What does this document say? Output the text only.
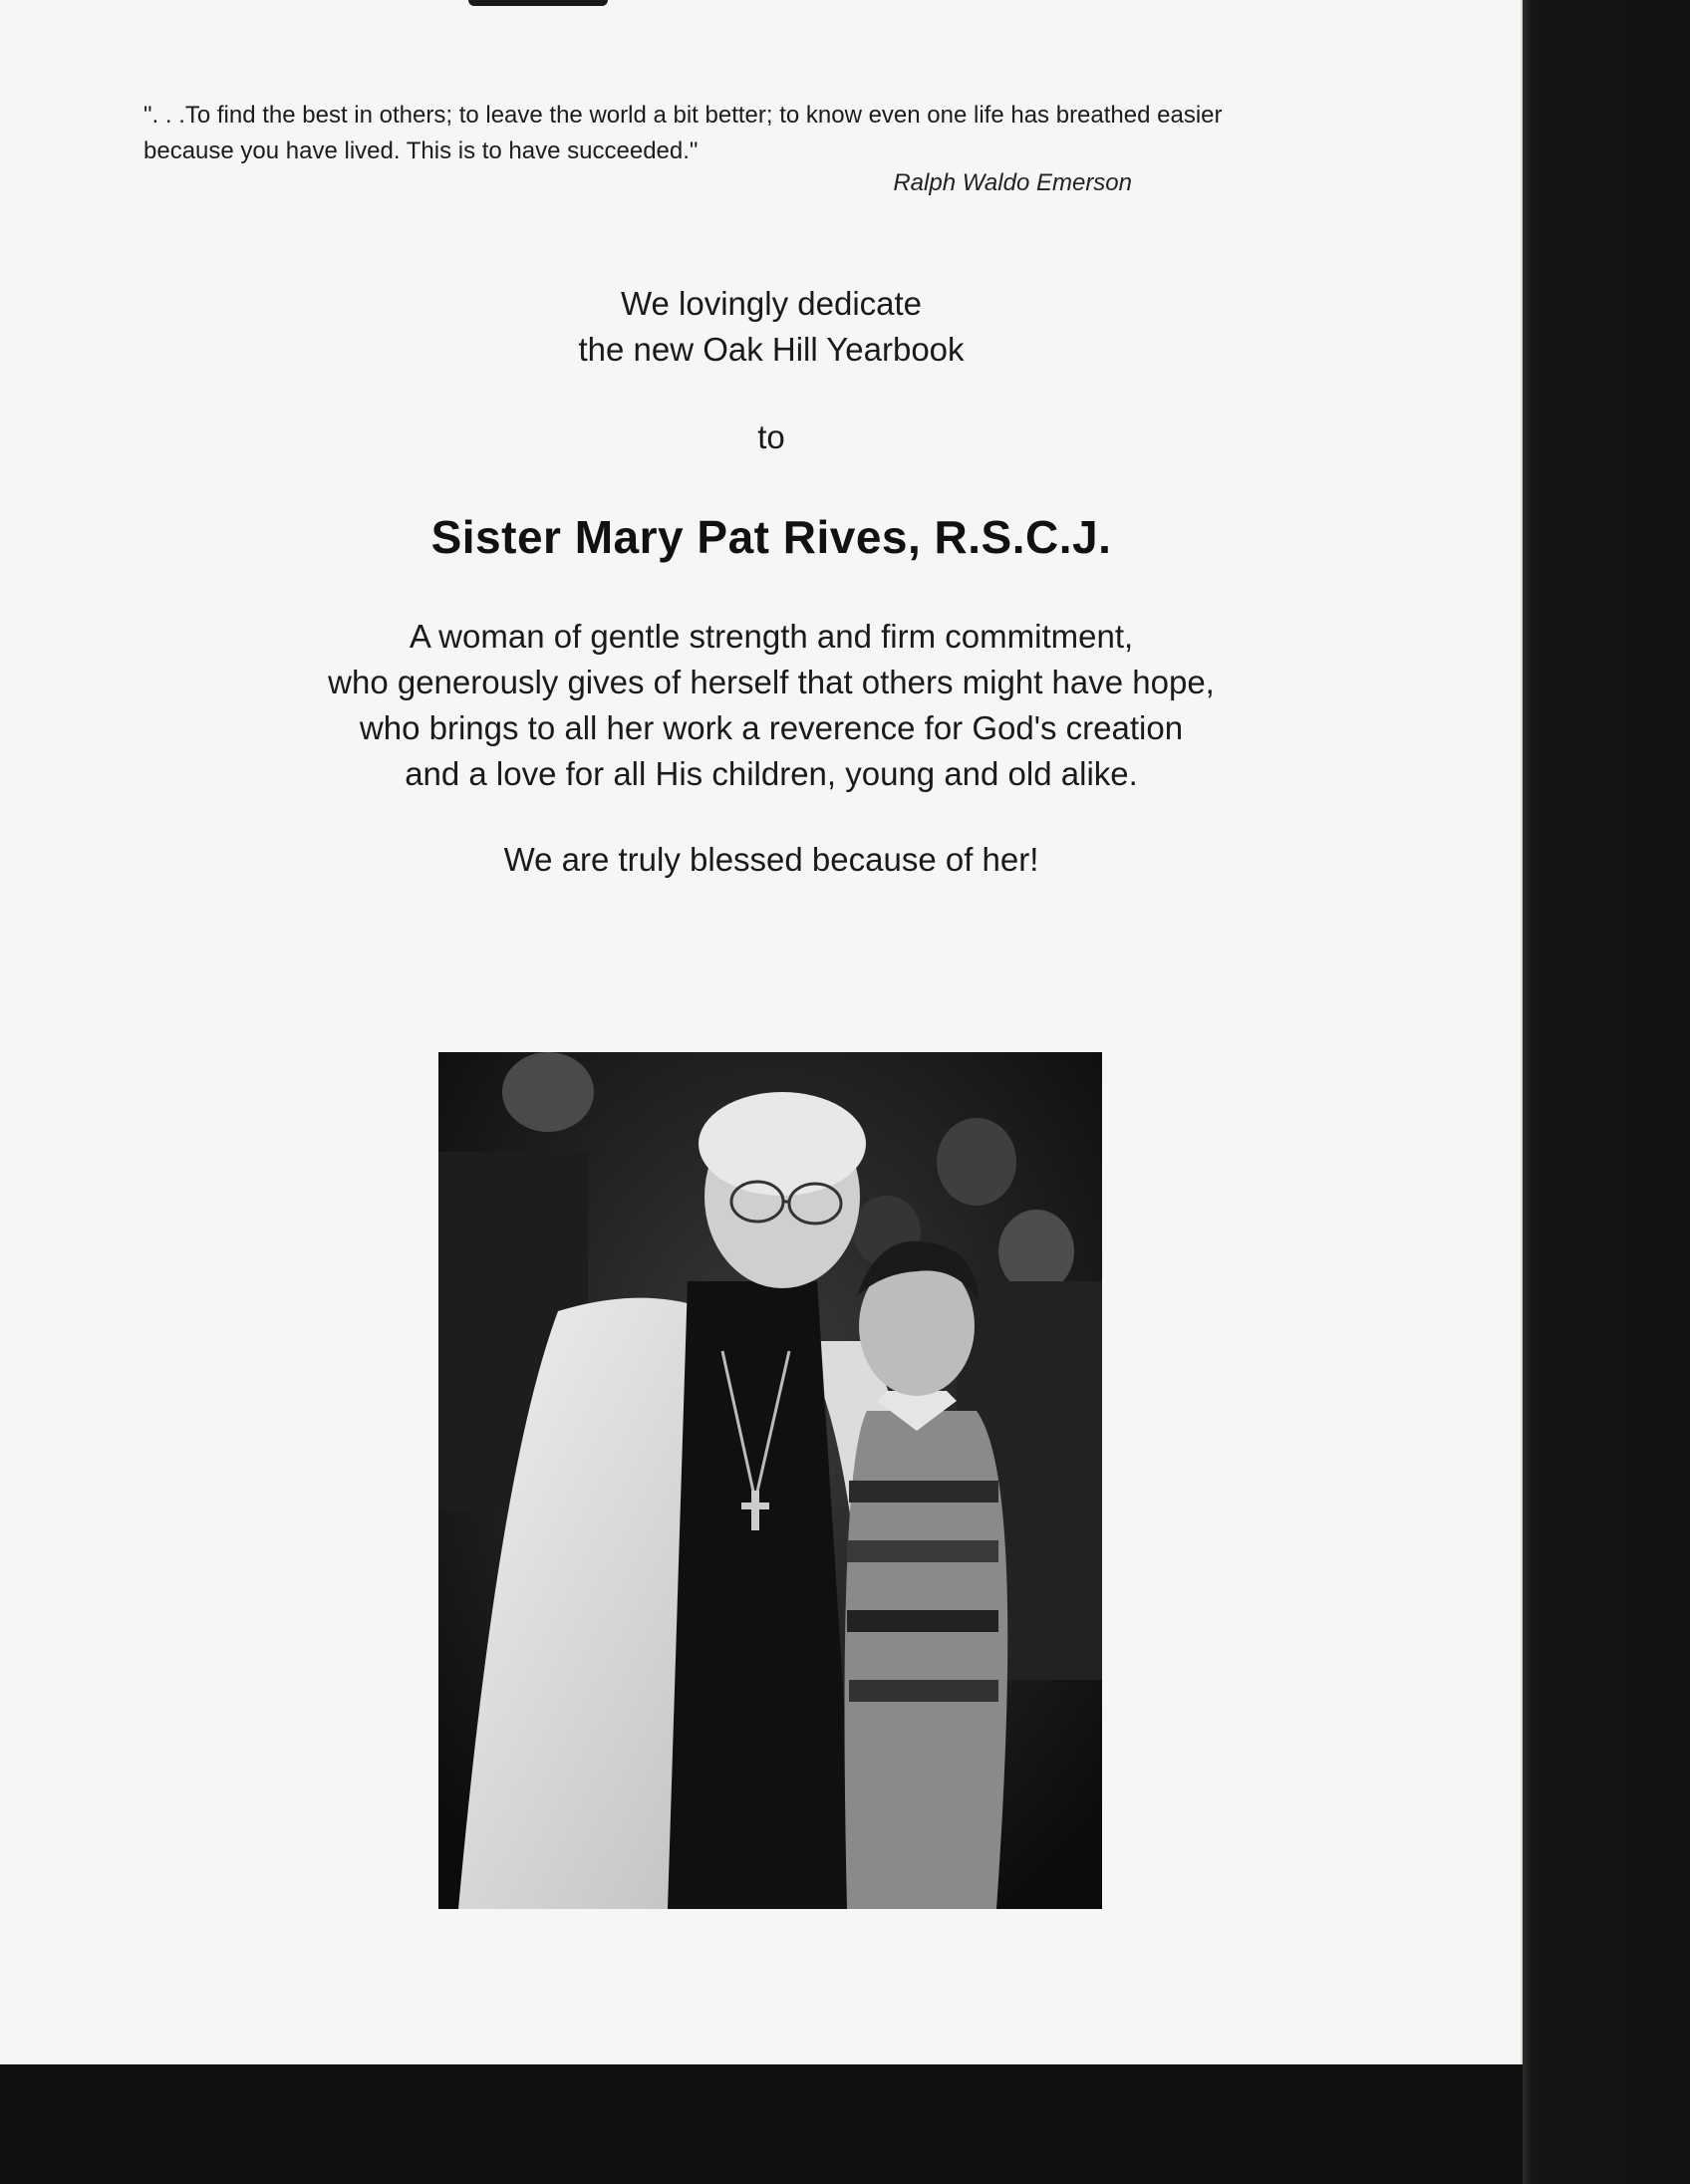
". . .To find the best in others; to leave the world a bit better; to know even one life has breathed easier because you have lived. This is to have succeeded."
Ralph Waldo Emerson
We lovingly dedicate
the new Oak Hill Yearbook
to
Sister Mary Pat Rives, R.S.C.J.
A woman of gentle strength and firm commitment,
who generously gives of herself that others might have hope,
who brings to all her work a reverence for God's creation
and a love for all His children, young and old alike.
We are truly blessed because of her!
